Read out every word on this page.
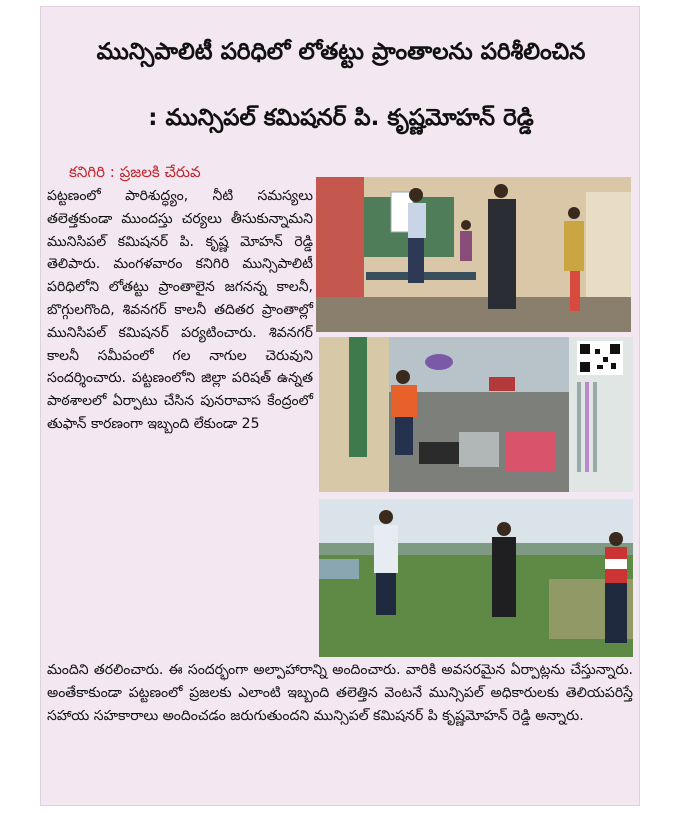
మున్సిపాలిటీ పరిధిలో లోతట్టు ప్రాంతాలను పరిశీలించిన
: మున్సిపల్ కమిషనర్ పి. కృష్ణమోహన్ రెడ్డి
కనిగిరి : ప్రజలకి చేరువ
పట్టణంలో పారిశుద్ధ్యం, నీటి సమస్యలు తలెత్తకుండా ముందస్తు చర్యలు తీసుకున్నామని మునిసిపల్ కమిషనర్ పి. కృష్ణ మోహన్ రెడ్డి తెలిపారు. మంగళవారం కనిగిరి మున్సిపాలిటీ పరిధిలోని లోతట్టు ప్రాంతాలైన జగనన్న కాలనీ, బొగ్గులగొంది, శివనగర్ కాలనీ తదితర ప్రాంతాల్లో మునిసిపల్ కమిషనర్ పర్యటించారు. శివనగర్ కాలనీ సమీపంలో గల నాగుల చెరువుని సందర్శించారు. పట్టణంలోని జిల్లా పరిషత్ ఉన్నత పాఠశాలలో ఏర్పాటు చేసిన పునరావాస కేంద్రంలో తుఫాన్ కారణంగా ఇబ్బంది లేకుండా 25
మందిని తరలించారు. ఈ సందర్భంగా అల్పాహారాన్ని అందించారు. వారికి అవసరమైన ఏర్పాట్లను చేస్తున్నారు. అంతేకాకుండా పట్టణంలో ప్రజలకు ఎలాంటి ఇబ్బంది తలెత్తిన వెంటనే మున్సిపల్ అధికారులకు తెలియపరిస్తే సహాయ సహకారాలు అందించడం జరుగుతుందని మున్సిపల్ కమిషనర్ పి కృష్ణమోహన్ రెడ్డి అన్నారు.
